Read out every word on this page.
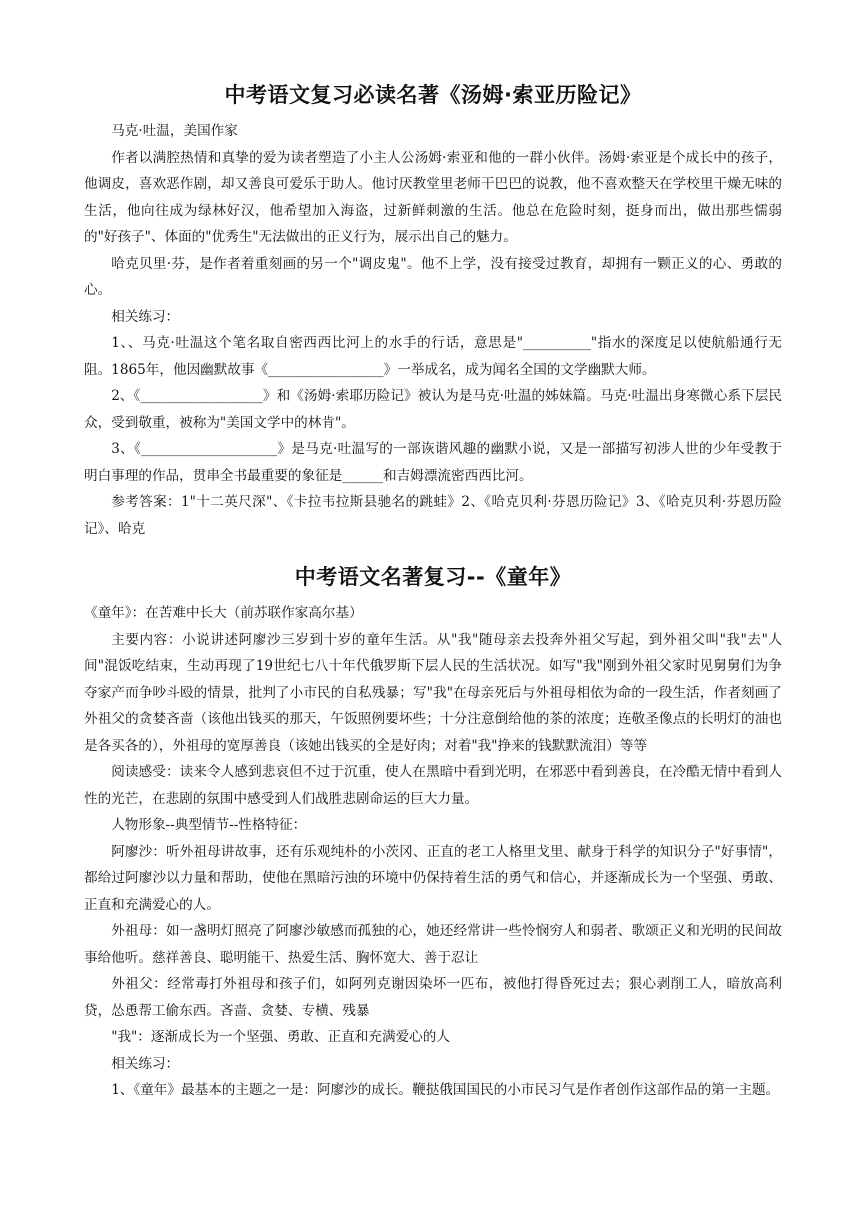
中考语文复习必读名著《汤姆·索亚历险记》

马克·吐温，美国作家

作者以满腔热情和真挚的爱为读者塑造了小主人公汤姆·索亚和他的一群小伙伴。汤姆·索亚是个成长中的孩子，他调皮，喜欢恶作剧，却又善良可爱乐于助人。他讨厌教堂里老师干巴巴的说教，他不喜欢整天在学校里干燥无味的生活，他向往成为绿林好汉，他希望加入海盗，过新鲜刺激的生活。他总在危险时刻，挺身而出，做出那些懦弱的"好孩子"、体面的"优秀生"无法做出的正义行为，展示出自己的魅力。

哈克贝里·芬，是作者着重刻画的另一个"调皮鬼"。他不上学，没有接受过教育，却拥有一颗正义的心、勇敢的心。

相关练习：

1、、马克·吐温这个笔名取自密西西比河上的水手的行话，意思是"__________"指水的深度足以使航船通行无阻。1865年，他因幽默故事《_________________》一举成名，成为闻名全国的文学幽默大师。

2、《__________________》和《汤姆·索耶历险记》被认为是马克·吐温的姊妹篇。马克·吐温出身寒微心系下层民众，受到敬重，被称为"美国文学中的林肯"。

3、《____________________》是马克·吐温写的一部诙谐风趣的幽默小说，又是一部描写初涉人世的少年受教于明白事理的作品，贯串全书最重要的象征是______和吉姆漂流密西西比河。

参考答案：1"十二英尺深"、《卡拉韦拉斯县驰名的跳蛙》2、《哈克贝利·芬恩历险记》3、《哈克贝利·芬恩历险记》、哈克

中考语文名著复习--《童年》

《童年》：在苦难中长大（前苏联作家高尔基）

主要内容：小说讲述阿廖沙三岁到十岁的童年生活。从"我"随母亲去投奔外祖父写起，到外祖父叫"我"去"人间"混饭吃结束，生动再现了19世纪七八十年代俄罗斯下层人民的生活状况。如写"我"刚到外祖父家时见舅舅们为争夺家产而争吵斗殴的情景，批判了小市民的自私残暴；写"我"在母亲死后与外祖母相依为命的一段生活，作者刻画了外祖父的贪婪吝啬（该他出钱买的那天，午饭照例要坏些；十分注意倒给他的茶的浓度；连敬圣像点的长明灯的油也是各买各的），外祖母的宽厚善良（该她出钱买的全是好肉；对着"我"挣来的钱默默流泪）等等

阅读感受：读来令人感到悲哀但不过于沉重，使人在黑暗中看到光明，在邪恶中看到善良，在冷酷无情中看到人性的光芒，在悲剧的氛围中感受到人们战胜悲剧命运的巨大力量。

人物形象--典型情节--性格特征：

阿廖沙：听外祖母讲故事，还有乐观纯朴的小茨冈、正直的老工人格里戈里、献身于科学的知识分子"好事情"，都给过阿廖沙以力量和帮助，使他在黑暗污浊的环境中仍保持着生活的勇气和信心，并逐渐成长为一个坚强、勇敢、正直和充满爱心的人。

外祖母：如一盏明灯照亮了阿廖沙敏感而孤独的心，她还经常讲一些怜悯穷人和弱者、歌颂正义和光明的民间故事给他听。慈祥善良、聪明能干、热爱生活、胸怀宽大、善于忍让

外祖父：经常毒打外祖母和孩子们，如阿列克谢因染坏一匹布，被他打得昏死过去；狠心剥削工人，暗放高利贷，怂恿帮工偷东西。吝啬、贪婪、专横、残暴

"我"：逐渐成长为一个坚强、勇敢、正直和充满爱心的人

相关练习：

1、《童年》最基本的主题之一是：阿廖沙的成长。鞭挞俄国国民的小市民习气是作者创作这部作品的第一主题。
